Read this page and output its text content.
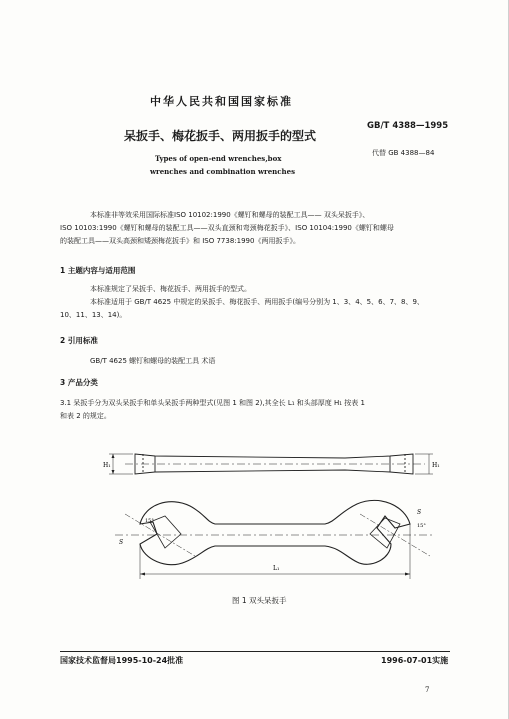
中华人民共和国国家标准
GB/T 4388—1995
代替 GB 4388—84
呆扳手、梅花扳手、两用扳手的型式
Types of open-end wrenches,box
wrenches and combination wrenches
本标准非等效采用国际标准ISO 10102:1990《螺钉和螺母的装配工具—— 双头呆扳手》、
ISO 10103:1990《螺钉和螺母的装配工具——双头直颈和弯颈梅花扳手》、ISO 10104:1990《螺钉和螺母
的装配工具——双头高颈和矮颈梅花扳手》和 ISO 7738:1990《两用扳手》。
1 主题内容与适用范围
本标准规定了呆扳手、梅花扳手、两用扳手的型式。
本标准适用于 GB/T 4625 中规定的呆扳手、梅花扳手、两用扳手(编号分别为 1、3、4、5、6、7、8、9、
10、11、13、14)。
2 引用标准
GB/T 4625 螺钉和螺母的装配工具 术语
3 产品分类
3.1 呆扳手分为双头呆扳手和单头呆扳手两种型式(见图 1 和图 2),其全长 L₁ 和头部厚度 H₁ 按表 1
和表 2 的规定。
H₁	H₁
L₁
15°
15°
S
S
图 1 双头呆扳手
国家技术监督局1995-10-24批准	1996-07-01实施
7
